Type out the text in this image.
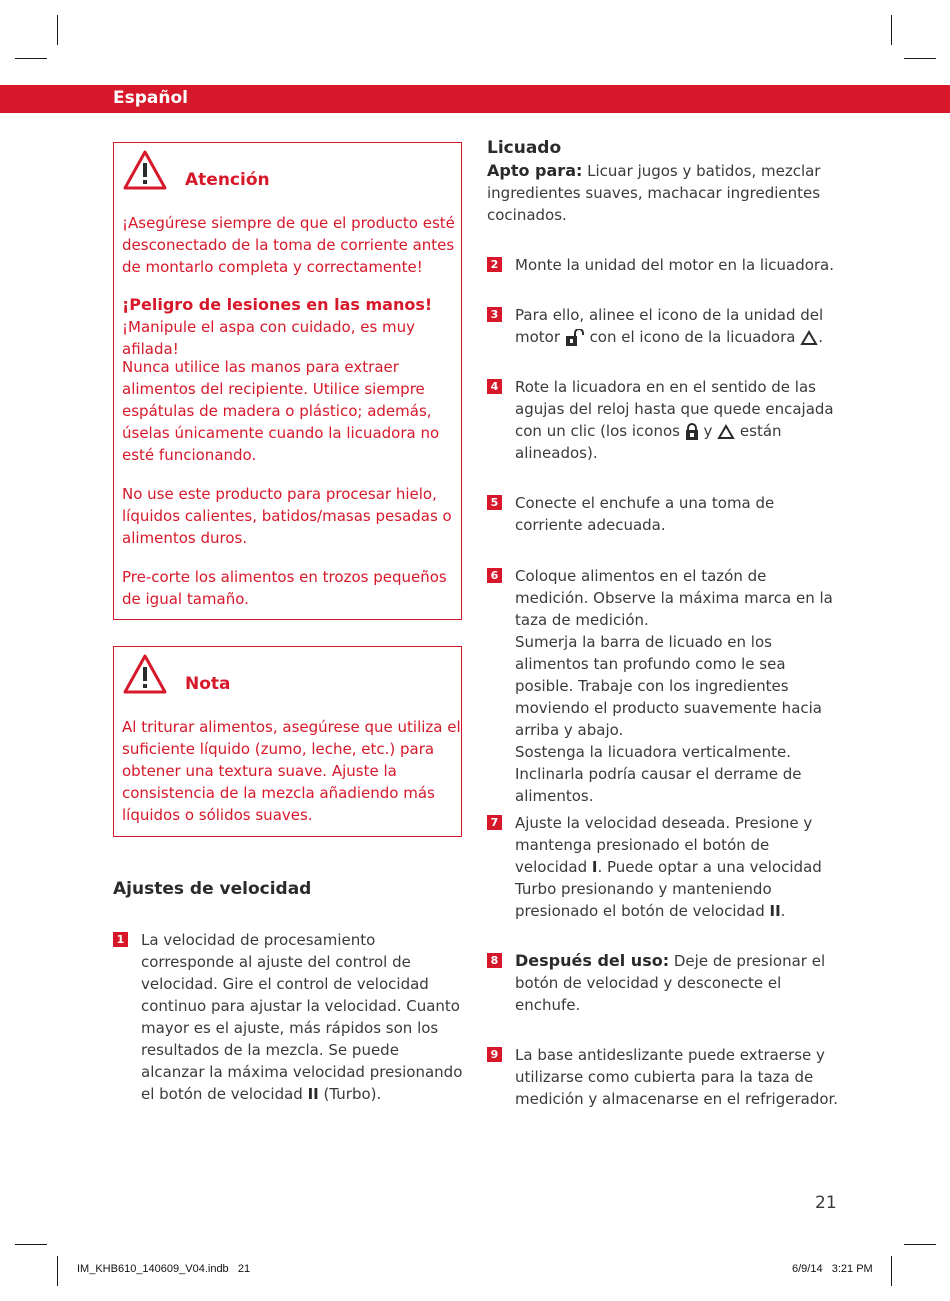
Español
Atención

¡Asegúrese siempre de que el producto esté desconectado de la toma de corriente antes de montarlo completa y correctamente!

¡Peligro de lesiones en las manos!
¡Manipule el aspa con cuidado, es muy afilada!

Nunca utilice las manos para extraer alimentos del recipiente. Utilice siempre espátulas de madera o plástico; además, úselas únicamente cuando la licuadora no esté funcionando.

No use este producto para procesar hielo, líquidos calientes, batidos/masas pesadas o alimentos duros.

Pre-corte los alimentos en trozos pequeños de igual tamaño.

Nota

Al triturar alimentos, asegúrese que utiliza el suficiente líquido (zumo, leche, etc.) para obtener una textura suave. Ajuste la consistencia de la mezcla añadiendo más líquidos o sólidos suaves.

Ajustes de velocidad
1 La velocidad de procesamiento corresponde al ajuste del control de velocidad. Gire el control de velocidad continuo para ajustar la velocidad. Cuanto mayor es el ajuste, más rápidos son los resultados de la mezcla. Se puede alcanzar la máxima velocidad presionando el botón de velocidad II (Turbo).
Licuado
Apto para: Licuar jugos y batidos, mezclar ingredientes suaves, machacar ingredientes cocinados.
2 Monte la unidad del motor en la licuadora.
3 Para ello, alinee el icono de la unidad del motor  con el icono de la licuadora .
4 Rote la licuadora en en el sentido de las agujas del reloj hasta que quede encajada con un clic (los iconos  y  están alineados).
5 Conecte el enchufe a una toma de corriente adecuada.
6 Coloque alimentos en el tazón de medición. Observe la máxima marca en la taza de medición.
Sumerja la barra de licuado en los alimentos tan profundo como le sea posible. Trabaje con los ingredientes moviendo el producto suavemente hacia arriba y abajo.
Sostenga la licuadora verticalmente. Inclinarla podría causar el derrame de alimentos.
7 Ajuste la velocidad deseada. Presione y mantenga presionado el botón de velocidad I. Puede optar a una velocidad Turbo presionando y manteniendo presionado el botón de velocidad II.
8 Después del uso: Deje de presionar el botón de velocidad y desconecte el enchufe.
9 La base antideslizante puede extraerse y utilizarse como cubierta para la taza de medición y almacenarse en el refrigerador.
21
IM_KHB610_140609_V04.indb   21	6/9/14   3:21 PM
